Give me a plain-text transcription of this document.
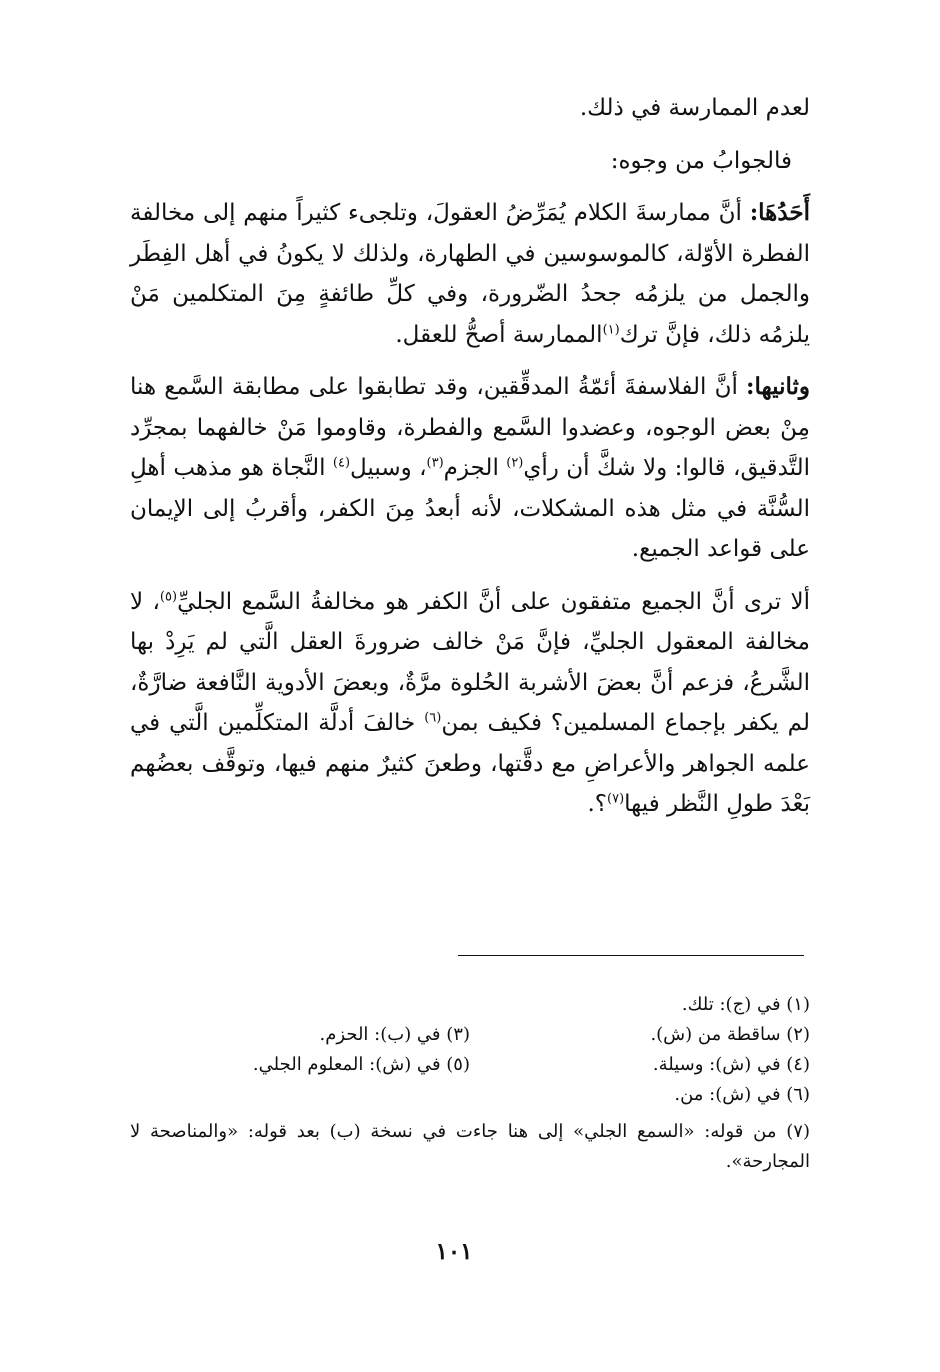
لعدم الممارسة في ذلك.

فالجوابُ من وجوه:

أَحَدُهَا: أنَّ ممارسةَ الكلام يُمَرِّضُ العقولَ، وتلجىء كثيراً منهم إلى مخالفة الفطرة الأوّلة، كالموسوسين في الطهارة، ولذلك لا يكونُ في أهل الفِطَر والجمل من يلزمُه جحدُ الضّرورة، وفي كلِّ طائفةٍ مِنَ المتكلمين مَنْ يلزمُه ذلك، فإنَّ ترك$^{(١)}$الممارسة أصحُّ للعقل.

وثانيها: أنَّ الفلاسفةَ أئمّةُ المدقِّقين، وقد تطابقوا على مطابقة السَّمع هنا مِنْ بعض الوجوه، وعضدوا السَّمع والفطرة، وقاوموا مَنْ خالفهما بمجرِّد التَّدقيق، قالوا: ولا شكَّ أن رأي$^{(٢)}$ الجزم$^{(٣)}$، وسبيل$^{(٤)}$ النَّجاة هو مذهب أهلِ السُّنَّة في مثل هذه المشكلات، لأنه أبعدُ مِنَ الكفر، وأقربُ إلى الإيمان على قواعد الجميع.

ألا ترى أنَّ الجميع متفقون على أنَّ الكفر هو مخالفةُ السَّمع الجليِّ$^{(٥)}$، لا مخالفة المعقول الجليِّ، فإنَّ مَنْ خالف ضرورةَ العقل الَّتي لم يَرِدْ بها الشَّرعُ، فزعم أنَّ بعضَ الأشربة الحُلوة مرَّةٌ، وبعضَ الأدوية النَّافعة ضارَّةٌ، لم يكفر بإجماع المسلمين؟ فكيف بمن$^{(٦)}$ خالفَ أدلَّة المتكلِّمين الَّتي في علمه الجواهر والأعراضِ مع دقَّتها، وطعنَ كثيرٌ منهم فيها، وتوقَّف بعضُهم بَعْدَ طولِ النَّظر فيها$^{(٧)}$؟.

(١) في (ج): تلك.
(٢) ساقطة من (ش).
(٣) في (ب): الحزم.
(٤) في (ش): وسيلة.
(٥) في (ش): المعلوم الجلي.
(٦) في (ش): من.
(٧) من قوله: «السمع الجلي» إلى هنا جاءت في نسخة (ب) بعد قوله: «والمناصحة لا المجارحة».
١٠١
